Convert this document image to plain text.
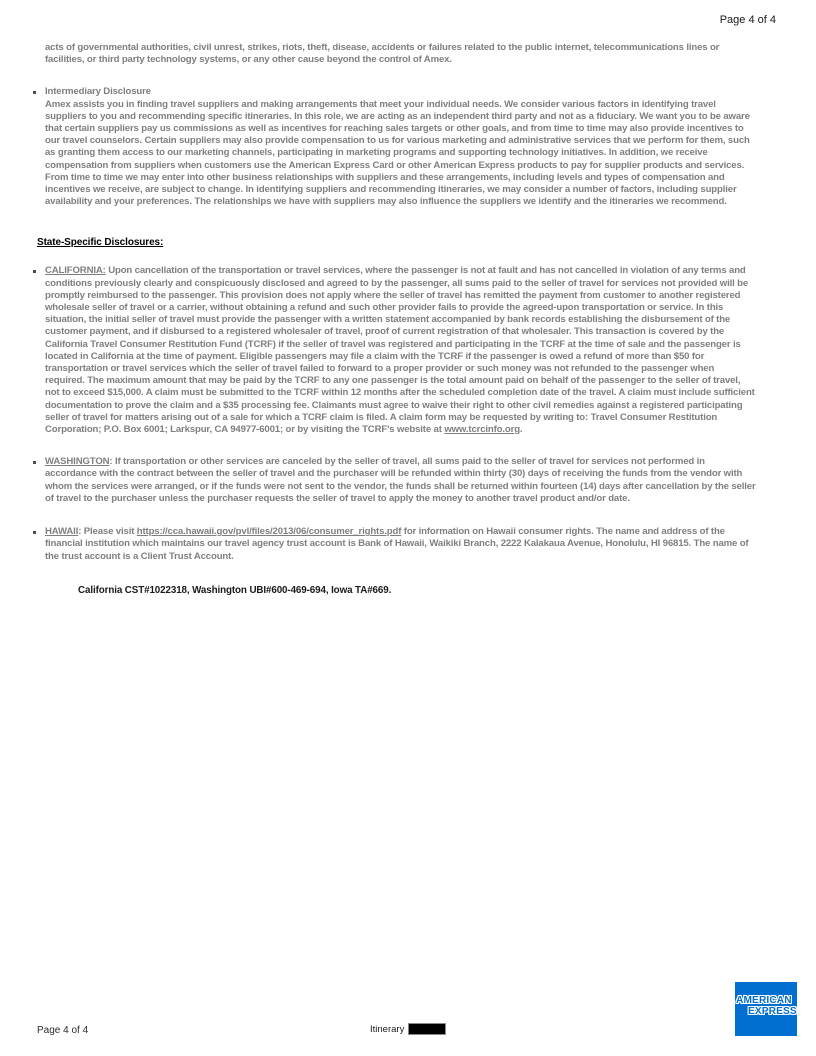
Page 4 of 4
acts of governmental authorities, civil unrest, strikes, riots, theft, disease, accidents or failures related to the public internet, telecommunications lines or facilities, or third party technology systems, or any other cause beyond the control of Amex.
Intermediary Disclosure
Amex assists you in finding travel suppliers and making arrangements that meet your individual needs. We consider various factors in identifying travel suppliers to you and recommending specific itineraries. In this role, we are acting as an independent third party and not as a fiduciary. We want you to be aware that certain suppliers pay us commissions as well as incentives for reaching sales targets or other goals, and from time to time may also provide incentives to our travel counselors. Certain suppliers may also provide compensation to us for various marketing and administrative services that we perform for them, such as granting them access to our marketing channels, participating in marketing programs and supporting technology initiatives. In addition, we receive compensation from suppliers when customers use the American Express Card or other American Express products to pay for supplier products and services. From time to time we may enter into other business relationships with suppliers and these arrangements, including levels and types of compensation and incentives we receive, are subject to change. In identifying suppliers and recommending itineraries, we may consider a number of factors, including supplier availability and your preferences. The relationships we have with suppliers may also influence the suppliers we identify and the itineraries we recommend.
State-Specific Disclosures:
CALIFORNIA: Upon cancellation of the transportation or travel services, where the passenger is not at fault and has not cancelled in violation of any terms and conditions previously clearly and conspicuously disclosed and agreed to by the passenger, all sums paid to the seller of travel for services not provided will be promptly reimbursed to the passenger. This provision does not apply where the seller of travel has remitted the payment from customer to another registered wholesale seller of travel or a carrier, without obtaining a refund and such other provider fails to provide the agreed-upon transportation or service. In this situation, the initial seller of travel must provide the passenger with a written statement accompanied by bank records establishing the disbursement of the customer payment, and if disbursed to a registered wholesaler of travel, proof of current registration of that wholesaler. This transaction is covered by the California Travel Consumer Restitution Fund (TCRF) if the seller of travel was registered and participating in the TCRF at the time of sale and the passenger is located in California at the time of payment. Eligible passengers may file a claim with the TCRF if the passenger is owed a refund of more than $50 for transportation or travel services which the seller of travel failed to forward to a proper provider or such money was not refunded to the passenger when required. The maximum amount that may be paid by the TCRF to any one passenger is the total amount paid on behalf of the passenger to the seller of travel, not to exceed $15,000. A claim must be submitted to the TCRF within 12 months after the scheduled completion date of the travel. A claim must include sufficient documentation to prove the claim and a $35 processing fee. Claimants must agree to waive their right to other civil remedies against a registered participating seller of travel for matters arising out of a sale for which a TCRF claim is filed. A claim form may be requested by writing to: Travel Consumer Restitution Corporation; P.O. Box 6001; Larkspur, CA 94977-6001; or by visiting the TCRF's website at www.tcrcinfo.org.
WASHINGTON: If transportation or other services are canceled by the seller of travel, all sums paid to the seller of travel for services not performed in accordance with the contract between the seller of travel and the purchaser will be refunded within thirty (30) days of receiving the funds from the vendor with whom the services were arranged, or if the funds were not sent to the vendor, the funds shall be returned within fourteen (14) days after cancellation by the seller of travel to the purchaser unless the purchaser requests the seller of travel to apply the money to another travel product and/or date.
HAWAII: Please visit https://cca.hawaii.gov/pvl/files/2013/06/consumer_rights.pdf for information on Hawaii consumer rights. The name and address of the financial institution which maintains our travel agency trust account is Bank of Hawaii, Waikiki Branch, 2222 Kalakaua Avenue, Honolulu, HI 96815. The name of the trust account is a Client Trust Account.
California CST#1022318, Washington UBI#600-469-694, Iowa TA#669.
AMERICAN
EXPRESS
Page 4 of 4	Itinerary
